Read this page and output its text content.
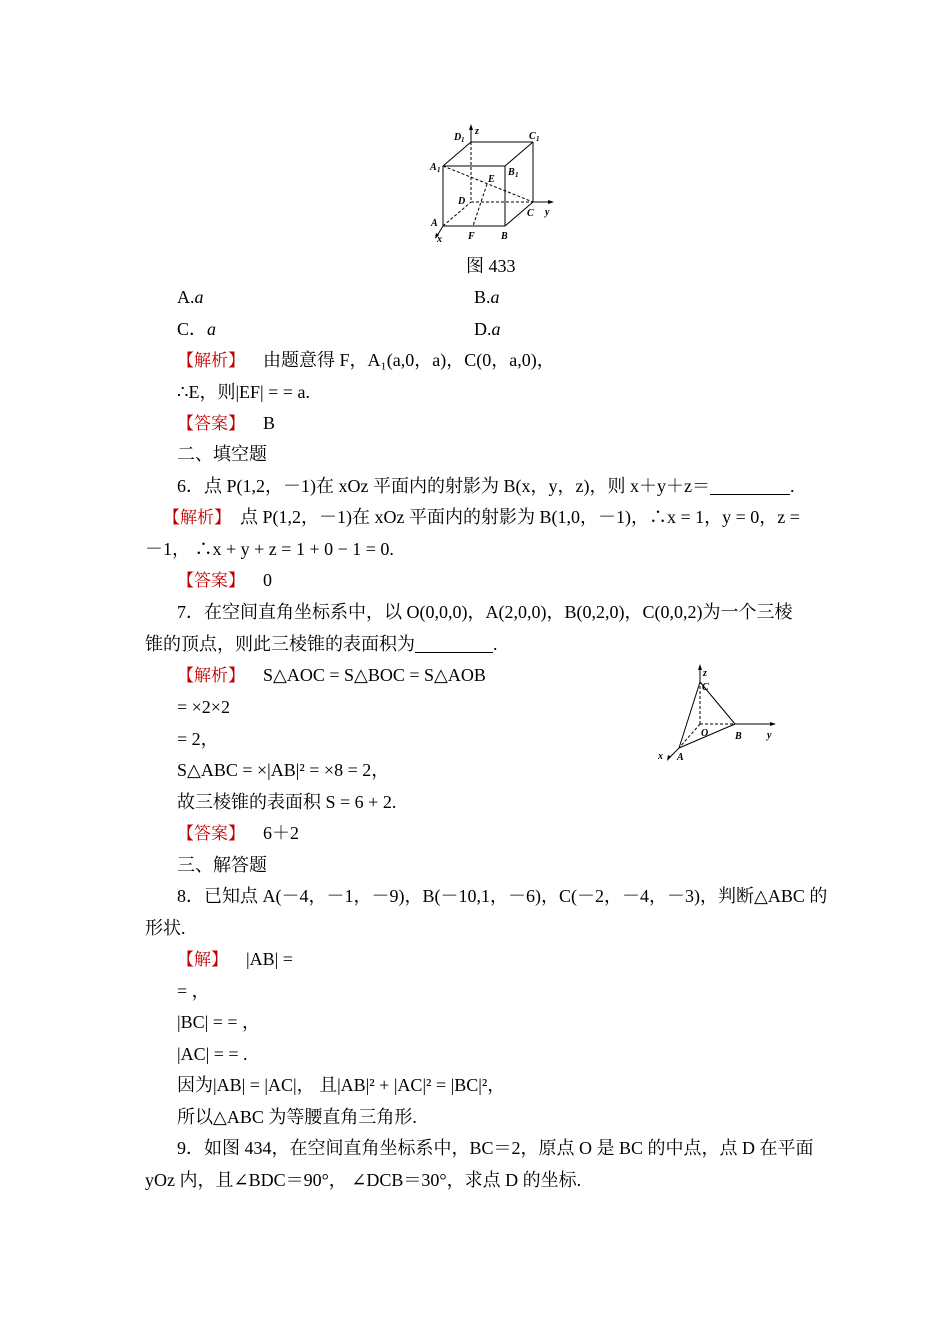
D 1
z	C 1
A 1	B 1
E
D
C y
A
x	F	B
图 433
A.a	B.a
C．a	D.a
【解析】 由题意得 F，A₁(a,0，a)，C(0，a,0)，
∴E，则|EF| = = a.
【答案】 B
二、填空题
6．点 P(1,2，－1)在 xOz 平面内的射影为 B(x，y，z)，则 x＋y＋z＝	.
【解析】 点 P(1,2，－1)在 xOz 平面内的射影为 B(1,0，－1)，∴x = 1，y = 0，z =
－1， ∴x + y + z = 1 + 0 − 1 = 0.
【答案】 0
7．在空间直角坐标系中，以 O(0,0,0)，A(2,0,0)，B(0,2,0)，C(0,0,2)为一个三棱
锥的顶点，则此三棱锥的表面积为	.
【解析】 S△AOC = S△BOC = S△AOB
= ×2×2
= 2，
S△ABC = ×|AB|² = ×8 = 2，
故三棱锥的表面积 S = 6 + 2.
【答案】 6＋2
z
C
O	B	y
x A
三、解答题
8．已知点 A(－4，－1，－9)，B(－10,1，－6)，C(－2，－4，－3)，判断△ABC 的
形状.
【解】 |AB| =
= ，
|BC| = = ，
|AC| = = .
因为|AB| = |AC|， 且|AB|² + |AC|² = |BC|²，
所以△ABC 为等腰直角三角形.
9．如图 434，在空间直角坐标系中，BC＝2，原点 O 是 BC 的中点，点 D 在平面
yOz 内，且∠BDC＝90°， ∠DCB＝30°，求点 D 的坐标.
